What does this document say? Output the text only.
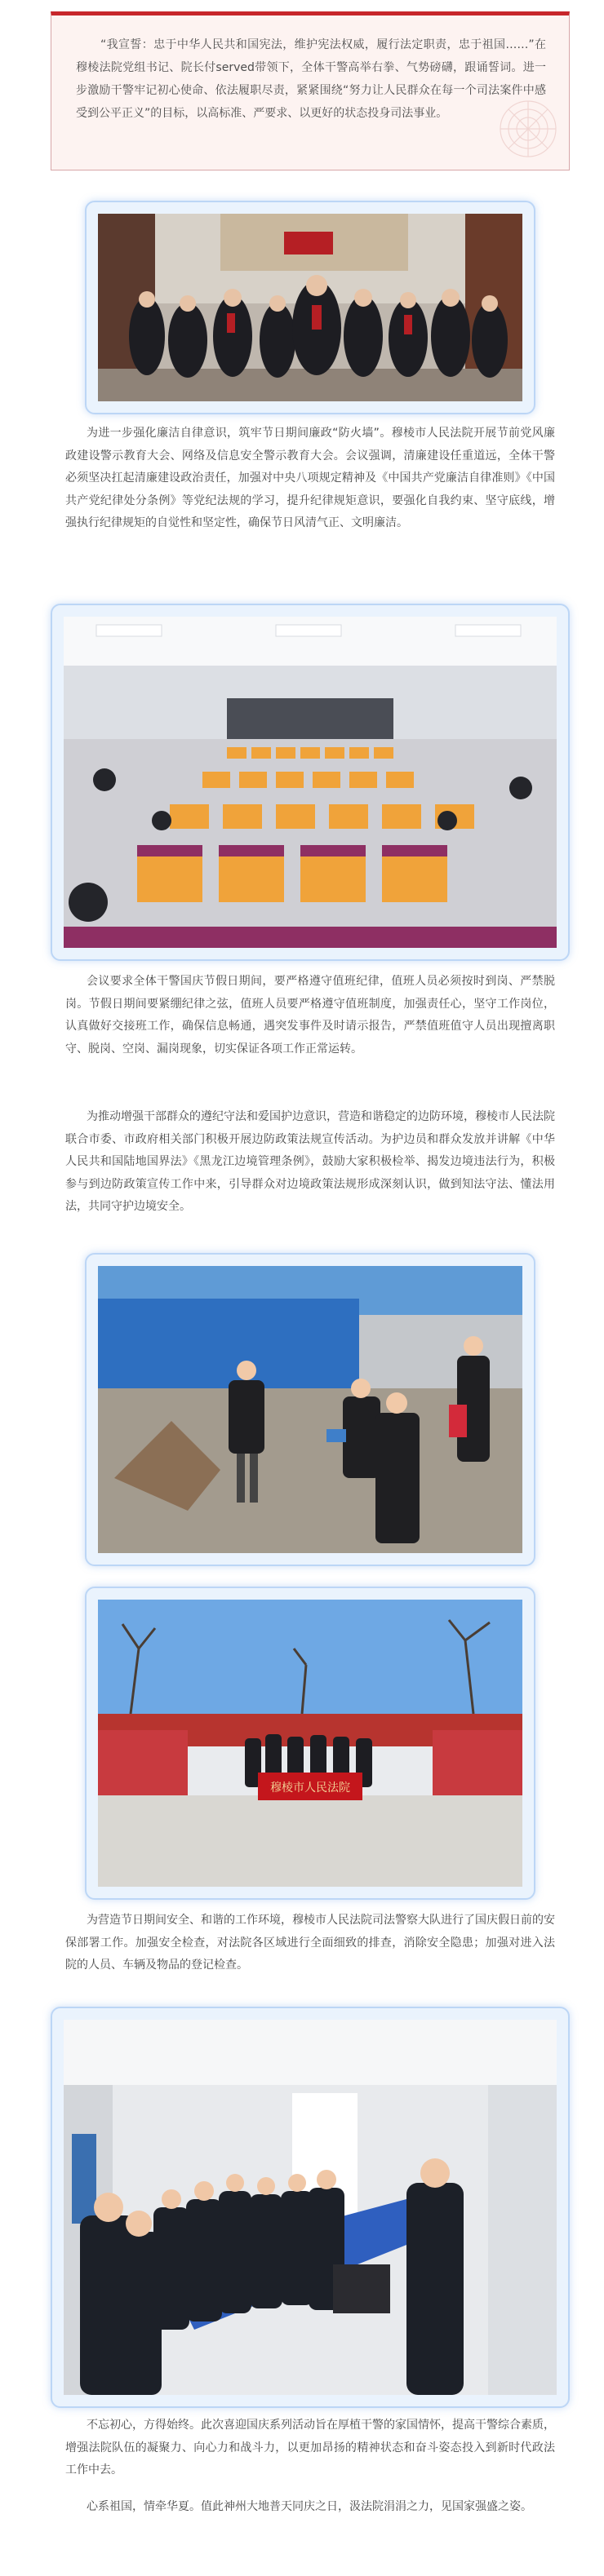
“我宣誓：忠于中华人民共和国宪法，维护宪法权威，履行法定职责，忠于祖国……”在穆棱法院党组书记、院长付served带领下，全体干警高举右拳、气势磅礴，跟诵誓词。进一步激励干警牢记初心使命、依法履职尽责，紧紧围绕“努力让人民群众在每一个司法案件中感受到公平正义”的目标，以高标准、严要求、以更好的状态投身司法事业。

为进一步强化廉洁自律意识，筑牢节日期间廉政“防火墙”。穆棱市人民法院开展节前党风廉政建设警示教育大会、网络及信息安全警示教育大会。会议强调，清廉建设任重道远，全体干警必须坚决扛起清廉建设政治责任，加强对中央八项规定精神及《中国共产党廉洁自律准则》《中国共产党纪律处分条例》等党纪法规的学习，提升纪律规矩意识，要强化自我约束、坚守底线，增强执行纪律规矩的自觉性和坚定性，确保节日风清气正、文明廉洁。

会议要求全体干警国庆节假日期间，要严格遵守值班纪律，值班人员必须按时到岗、严禁脱岗。节假日期间要紧绷纪律之弦，值班人员要严格遵守值班制度，加强责任心，坚守工作岗位，认真做好交接班工作，确保信息畅通，遇突发事件及时请示报告，严禁值班值守人员出现擅离职守、脱岗、空岗、漏岗现象，切实保证各项工作正常运转。

为推动增强干部群众的遵纪守法和爱国护边意识，营造和谐稳定的边防环境，穆棱市人民法院联合市委、市政府相关部门积极开展边防政策法规宣传活动。为护边员和群众发放并讲解《中华人民共和国陆地国界法》《黑龙江边境管理条例》，鼓励大家积极检举、揭发边境违法行为，积极参与到边防政策宣传工作中来，引导群众对边境政策法规形成深刻认识，做到知法守法、懂法用法，共同守护边境安全。

穆棱市人民法院

为营造节日期间安全、和谐的工作环境，穆棱市人民法院司法警察大队进行了国庆假日前的安保部署工作。加强安全检查，对法院各区域进行全面细致的排查，消除安全隐患；加强对进入法院的人员、车辆及物品的登记检查。

不忘初心，方得始终。此次喜迎国庆系列活动旨在厚植干警的家国情怀，提高干警综合素质，增强法院队伍的凝聚力、向心力和战斗力，以更加昂扬的精神状态和奋斗姿态投入到新时代政法工作中去。

心系祖国，情牵华夏。值此神州大地普天同庆之日，汲法院涓涓之力，见国家强盛之姿。
